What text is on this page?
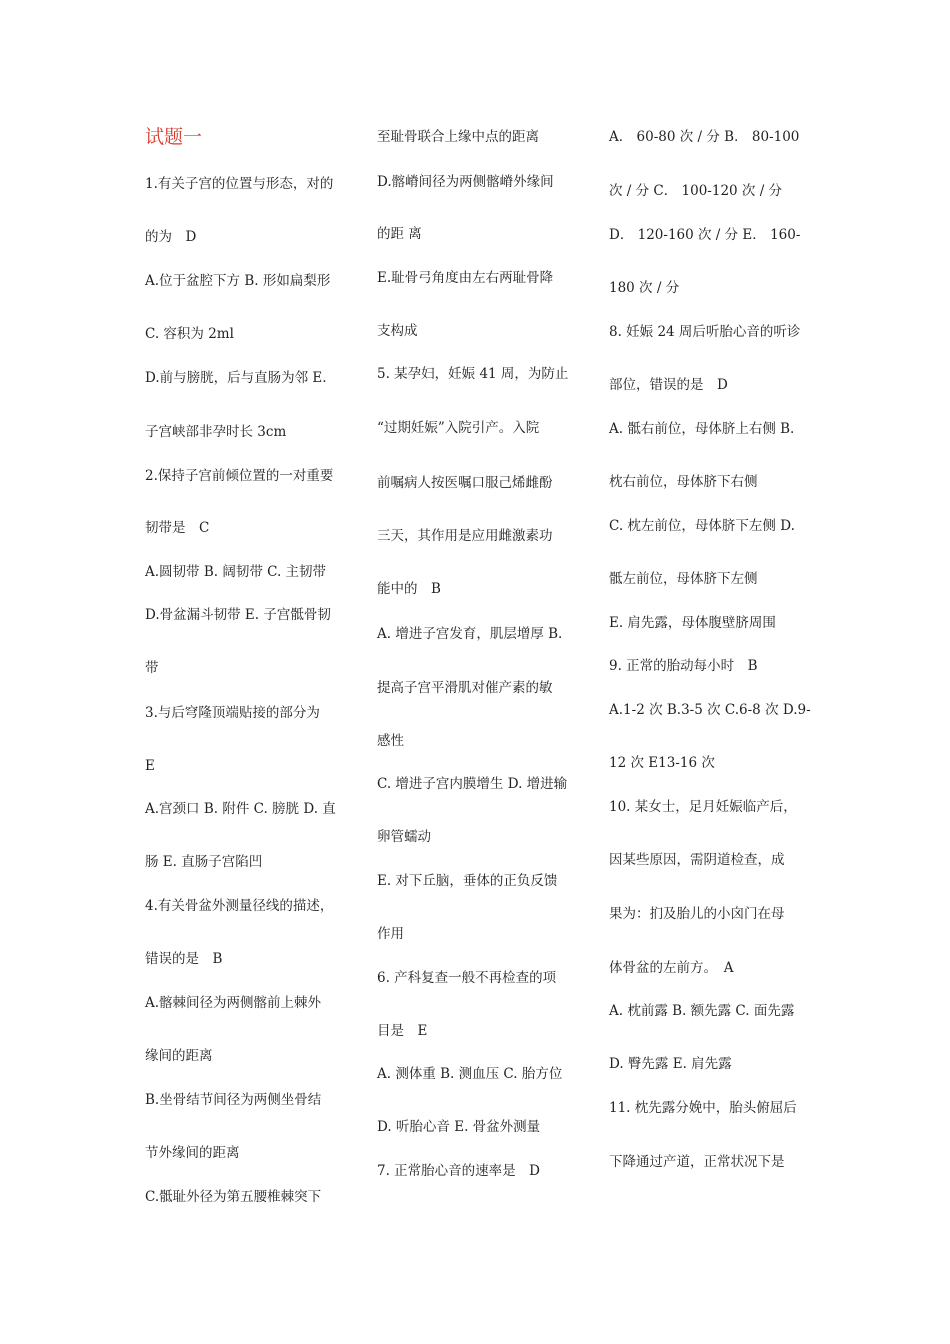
试题一
1.有关子宫的位置与形态，对的
的为　D
A.位于盆腔下方 B. 形如扁梨形
C. 容积为 2ml
D.前与膀胱，后与直肠为邻 E.
子宫峡部非孕时长 3cm
2.保持子宫前倾位置的一对重要
韧带是　C
A.圆韧带 B. 阔韧带 C. 主韧带
D.骨盆漏斗韧带 E. 子宫骶骨韧
带
3.与后穹隆顶端贴接的部分为
E
A.宫颈口 B. 附件 C. 膀胱 D. 直
肠 E. 直肠子宫陷凹
4.有关骨盆外测量径线的描述，
错误的是　B
A.髂棘间径为两侧髂前上棘外
缘间的距离
B.坐骨结节间径为两侧坐骨结
节外缘间的距离
C.骶耻外径为第五腰椎棘突下
至耻骨联合上缘中点的距离
D.髂嵴间径为两侧髂嵴外缘间
的距 离
E.耻骨弓角度由左右两耻骨降
支构成
5. 某孕妇，妊娠 41 周，为防止
“过期妊娠”入院引产。入院
前嘱病人按医嘱口服己烯雌酚
三天，其作用是应用雌激素功
能中的　B
A. 增进子宫发育，肌层增厚 B.
提高子宫平滑肌对催产素的敏
感性
C. 增进子宫内膜增生 D. 增进输
卵管蠕动
E. 对下丘脑，垂体的正负反馈
作用
6. 产科复查一般不再检查的项
目是　E
A. 测体重 B. 测血压 C. 胎方位
D. 听胎心音 E. 骨盆外测量
7. 正常胎心音的速率是　D
A． 60-80 次 / 分 B． 80-100
次 / 分 C． 100-120 次 / 分
D． 120-160 次 / 分 E． 160-
180 次 / 分
8. 妊娠 24 周后听胎心音的听诊
部位，错误的是　D
A. 骶右前位，母体脐上右侧 B.
枕右前位，母体脐下右侧
C. 枕左前位，母体脐下左侧 D.
骶左前位，母体脐下左侧
E. 肩先露，母体腹壁脐周围
9. 正常的胎动每小时　B
A.1-2 次 B.3-5 次 C.6-8 次 D.9-
12 次 E13-16 次
10. 某女士，足月妊娠临产后，
因某些原因，需阴道检查，成
果为：扪及胎儿的小囟门在母
体骨盆的左前方。　A
A. 枕前露 B. 额先露 C. 面先露
D. 臀先露 E. 肩先露
11. 枕先露分娩中，胎头俯屈后
下降通过产道，正常状况下是
